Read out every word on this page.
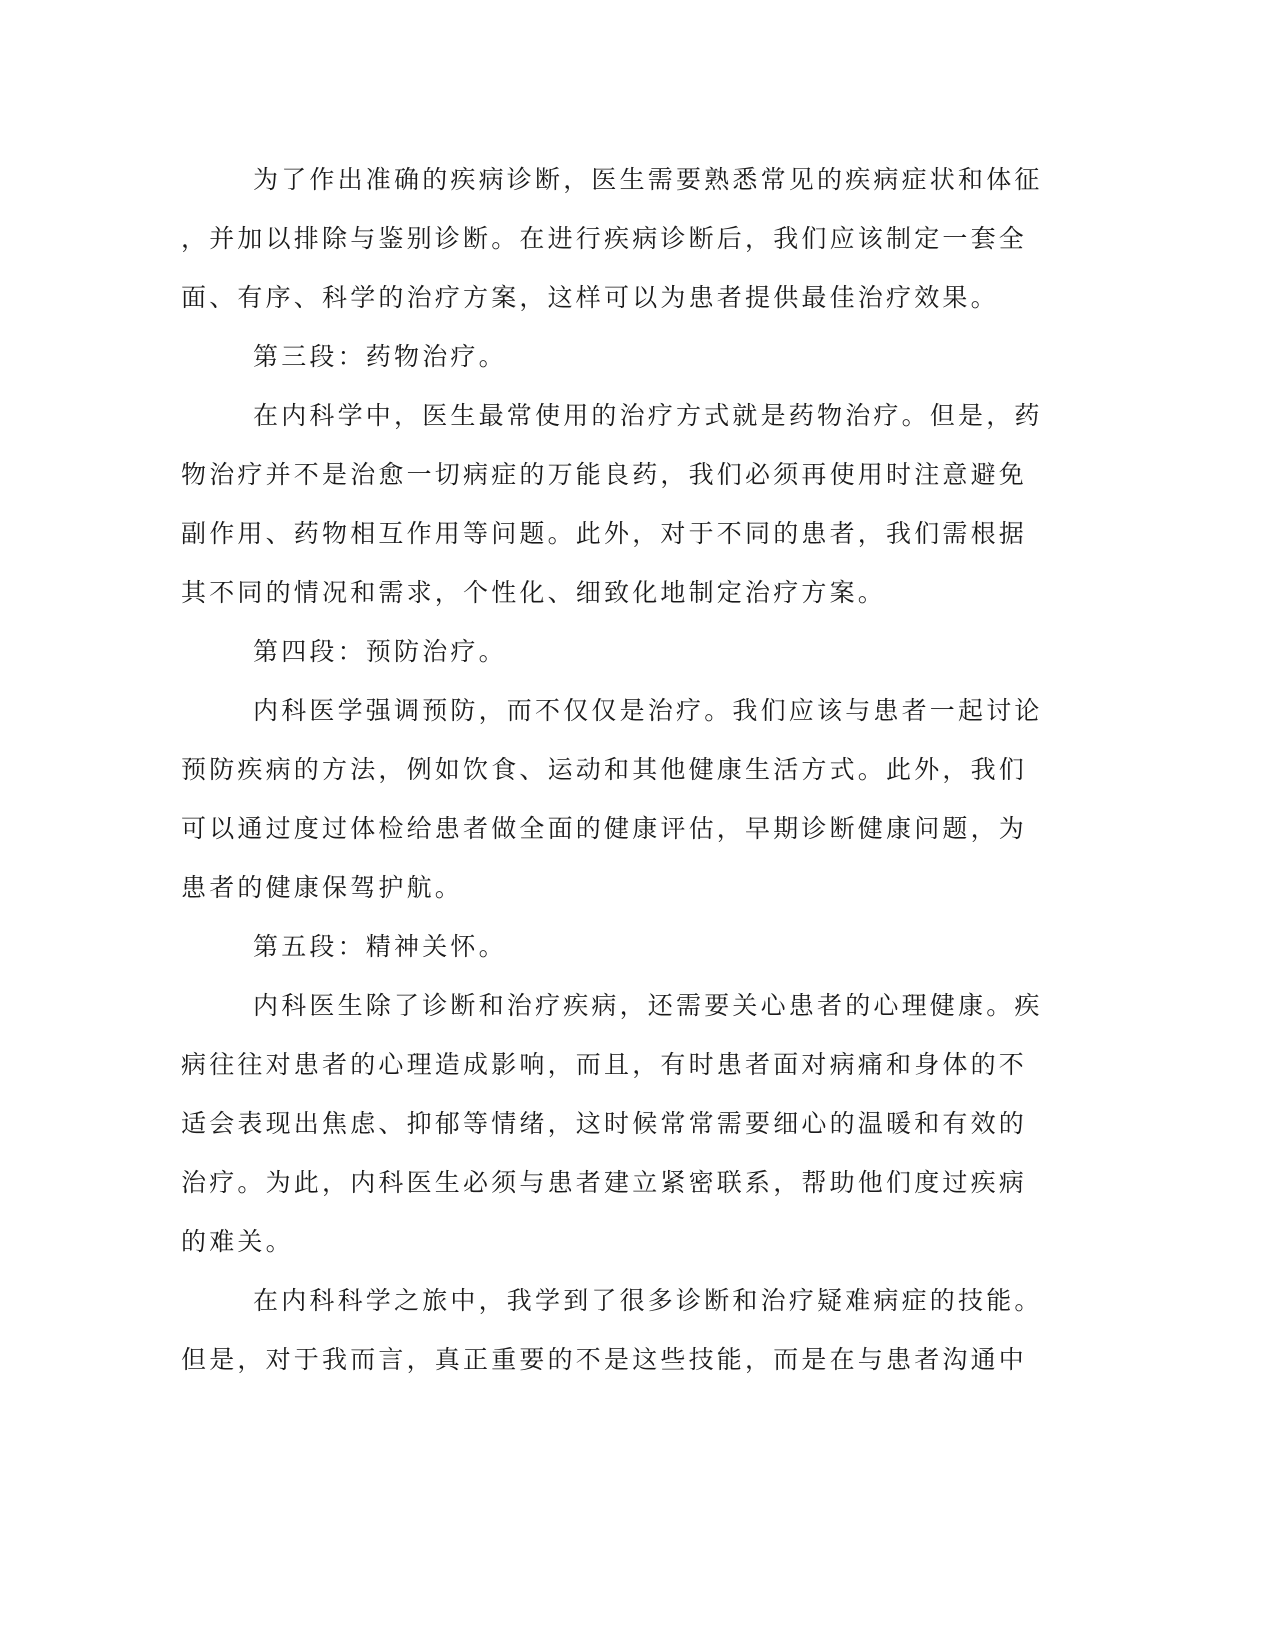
为了作出准确的疾病诊断，医生需要熟悉常见的疾病症状和体征

，并加以排除与鉴别诊断。在进行疾病诊断后，我们应该制定一套全

面、有序、科学的治疗方案，这样可以为患者提供最佳治疗效果。

第三段：药物治疗。

在内科学中，医生最常使用的治疗方式就是药物治疗。但是，药

物治疗并不是治愈一切病症的万能良药，我们必须再使用时注意避免

副作用、药物相互作用等问题。此外，对于不同的患者，我们需根据

其不同的情况和需求，个性化、细致化地制定治疗方案。

第四段：预防治疗。

内科医学强调预防，而不仅仅是治疗。我们应该与患者一起讨论

预防疾病的方法，例如饮食、运动和其他健康生活方式。此外，我们

可以通过度过体检给患者做全面的健康评估，早期诊断健康问题，为

患者的健康保驾护航。

第五段：精神关怀。

内科医生除了诊断和治疗疾病，还需要关心患者的心理健康。疾

病往往对患者的心理造成影响，而且，有时患者面对病痛和身体的不

适会表现出焦虑、抑郁等情绪，这时候常常需要细心的温暖和有效的

治疗。为此，内科医生必须与患者建立紧密联系，帮助他们度过疾病

的难关。

在内科科学之旅中，我学到了很多诊断和治疗疑难病症的技能。

但是，对于我而言，真正重要的不是这些技能，而是在与患者沟通中
